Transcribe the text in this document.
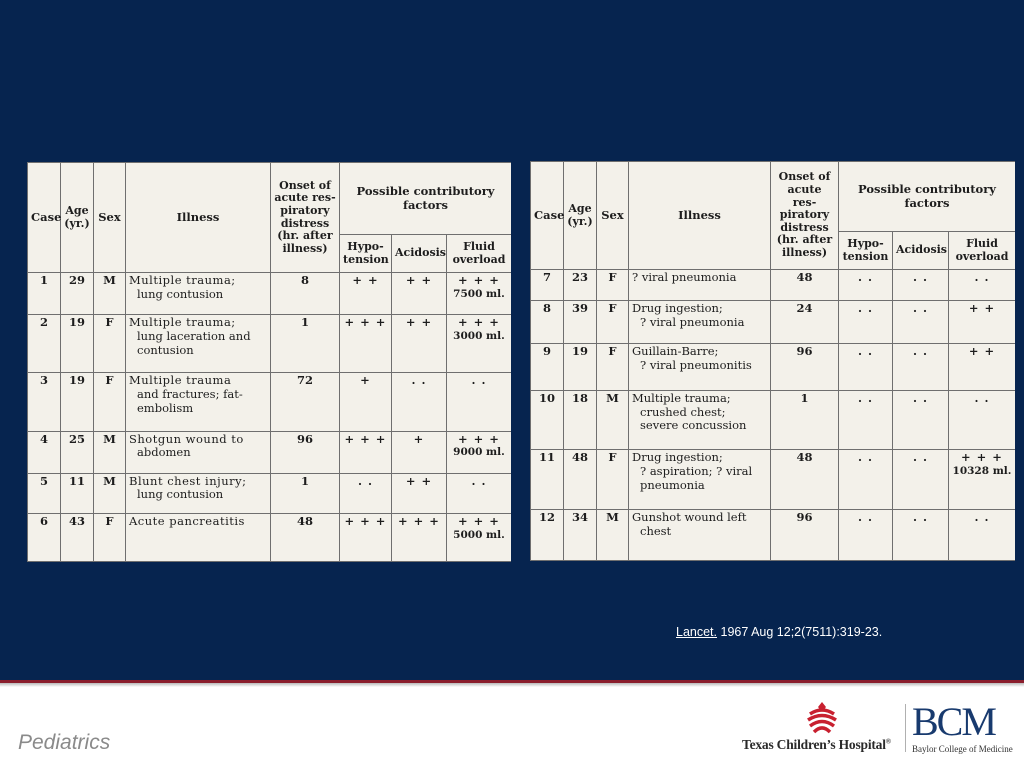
Case	Age (yr.)	Sex	Illness	Onset of acute res- piratory distress (hr. after illness)	Possible contributory factors		
					Hypo- tension	Acidosis	Fluid overload
1	29	M	Multiple trauma;
lung contusion	8	+ +	+ +	+ + +
7500 ml.

2	19	F	Multiple trauma;
lung laceration and contusion	1	+ + +	+ +	+ + +
3000 ml.

3	19	F	Multiple trauma
and fractures; fat-embolism	72	+	. .	. .

4	25	M	Shotgun wound to
abdomen	96	+ + +	+	+ + +
9000 ml.

5	11	M	Blunt chest injury;
lung contusion	1	. .	+ +	. .

6	43	F	Acute pancreatitis	48	+ + +	+ + +	+ + +
5000 ml.
Case	Age (yr.)	Sex	Illness	Onset of acute res- piratory distress (hr. after illness)	Possible contributory factors		
					Hypo- tension	Acidosis	Fluid overload
7	23	F	? viral pneumonia	48	. .	. .	. .

8	39	F	Drug ingestion;
? viral pneumonia	24	. .	. .	+ +

9	19	F	Guillain-Barre;
? viral pneumonitis	96	. .	. .	+ +

10	18	M	Multiple trauma;
crushed chest; severe concussion	1	. .	. .	. .

11	48	F	Drug ingestion;
? aspiration; ? viral pneumonia	48	. .	. .	+ + +
10328 ml.

12	34	M	Gunshot wound left
chest	96	. .	. .	. .
Lancet. 1967 Aug 12;2(7511):319-23.
Pediatrics	Texas Children’s Hospital® BCM
Baylor College of Medicine
